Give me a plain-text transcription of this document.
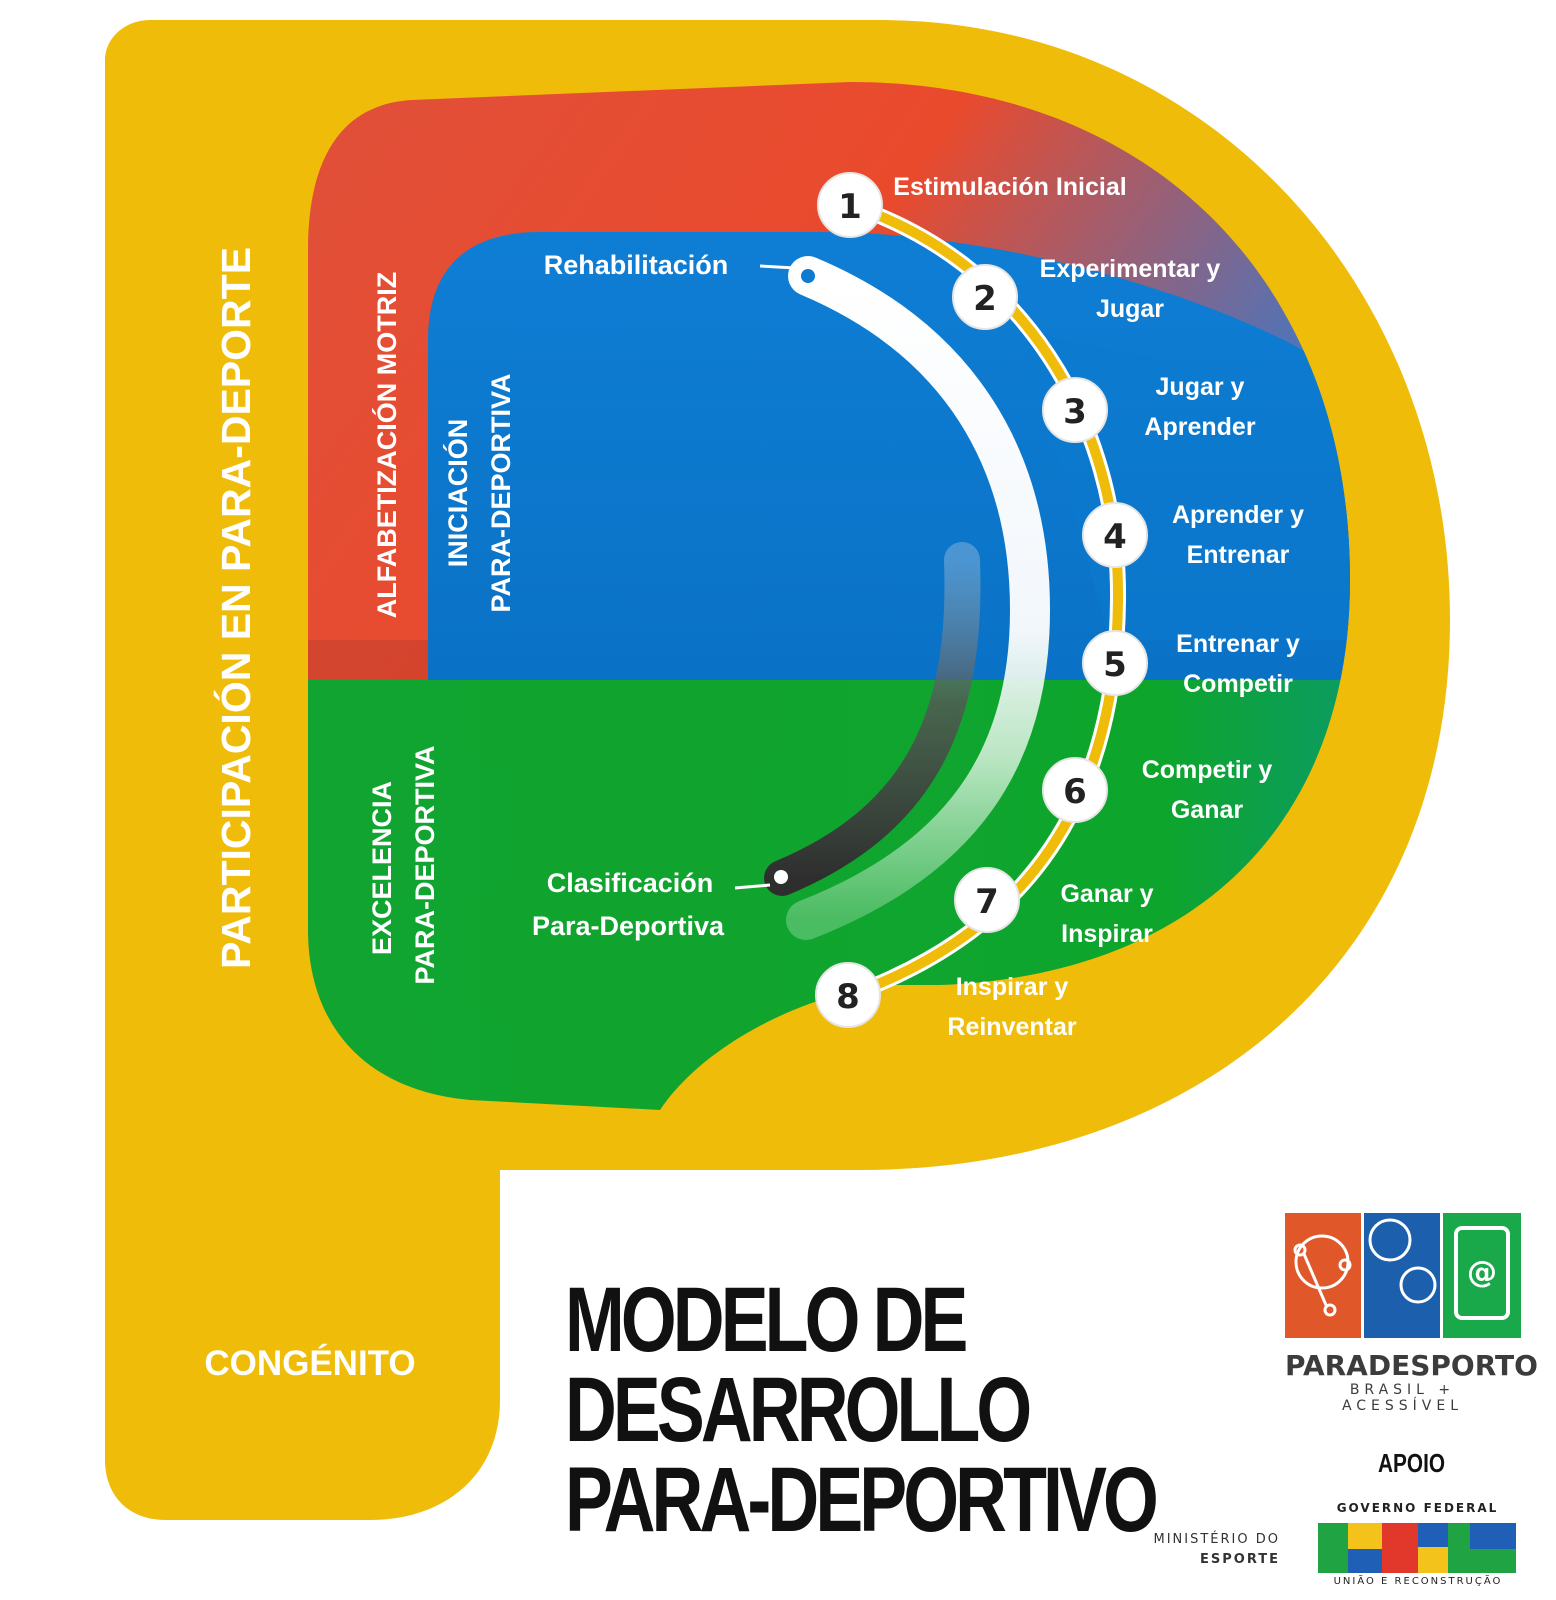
1
2
3
4
5
6
7
8
Estimulación Inicial
Experimentar y
Jugar
Jugar y
Aprender
Aprender y
Entrenar
Entrenar y
Competir
Competir y
Ganar
Ganar y
Inspirar
Inspirar y
Reinventar
Rehabilitación
Clasificación
Para-Deportiva
PARTICIPACIÓN EN PARA-DEPORTE	ALFABETIZACIÓN MOTRIZ INICIACIÓN PARA-DEPORTIVA
EXCELENCIA PARA-DEPORTIVA
CONGÉNITO
@
MODELO DE
DESARROLLO
PARA-DEPORTIVO
PARADESPORTO
BRASIL + ACESSÍVEL
APOIO
MINISTÉRIO DO
ESPORTE
GOVERNO FEDERAL
UNIÃO E RECONSTRUÇÃO
